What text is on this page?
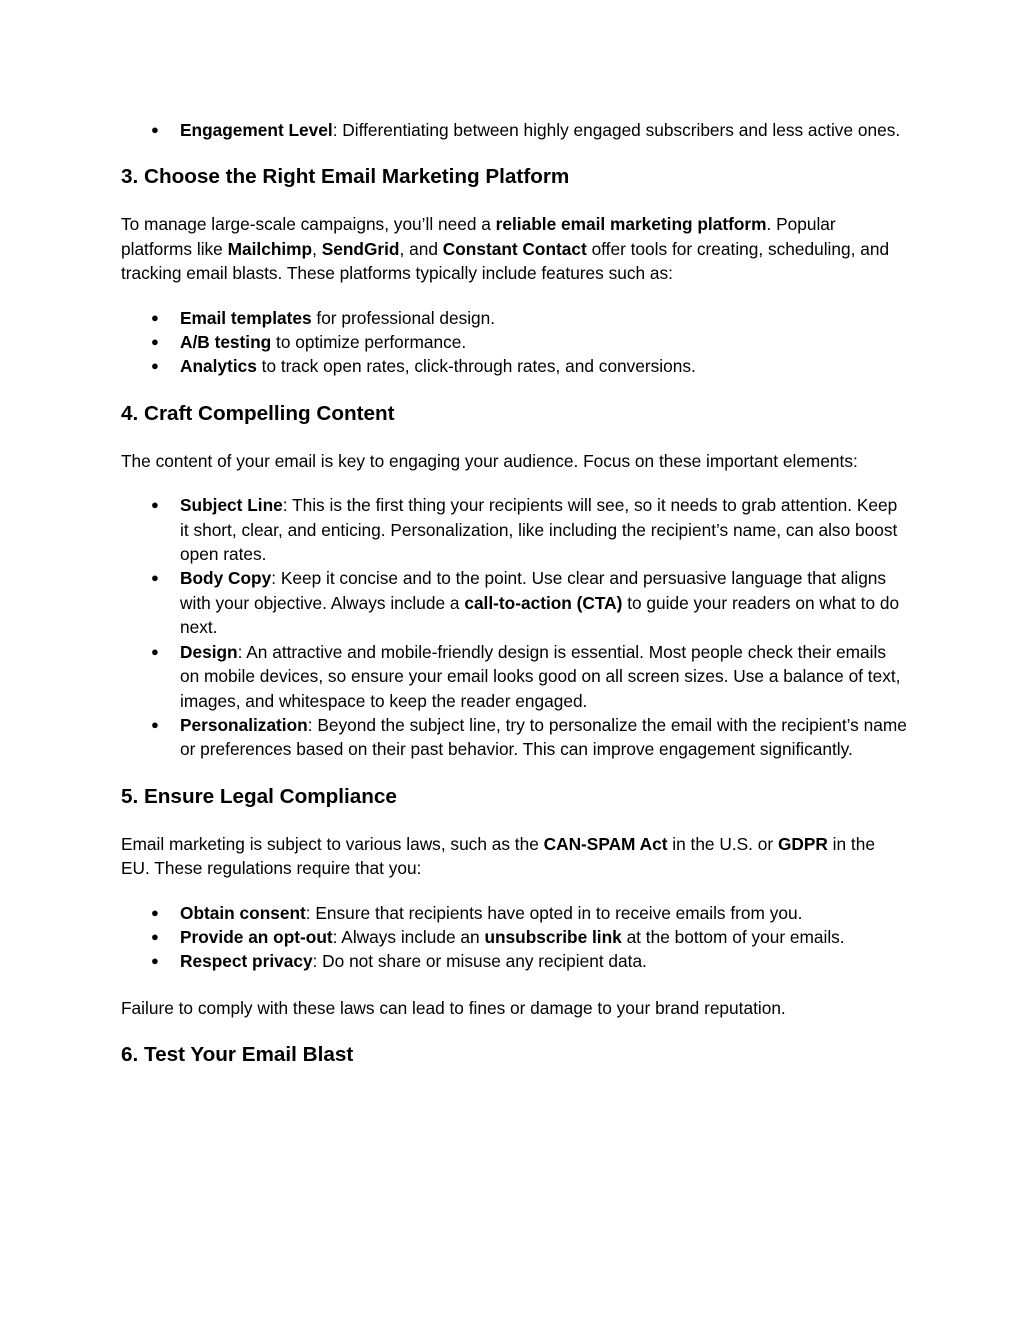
● Engagement Level: Differentiating between highly engaged subscribers and less active ones.
3. Choose the Right Email Marketing Platform

To manage large-scale campaigns, you’ll need a reliable email marketing platform. Popular platforms like Mailchimp, SendGrid, and Constant Contact offer tools for creating, scheduling, and tracking email blasts. These platforms typically include features such as:

● Email templates for professional design.
● A/B testing to optimize performance.
● Analytics to track open rates, click-through rates, and conversions.
4. Craft Compelling Content

The content of your email is key to engaging your audience. Focus on these important elements:

● Subject Line: This is the first thing your recipients will see, so it needs to grab attention. Keep it short, clear, and enticing. Personalization, like including the recipient’s name, can also boost open rates.
● Body Copy: Keep it concise and to the point. Use clear and persuasive language that aligns with your objective. Always include a call-to-action (CTA) to guide your readers on what to do next.
● Design: An attractive and mobile-friendly design is essential. Most people check their emails on mobile devices, so ensure your email looks good on all screen sizes. Use a balance of text, images, and whitespace to keep the reader engaged.
● Personalization: Beyond the subject line, try to personalize the email with the recipient’s name or preferences based on their past behavior. This can improve engagement significantly.
5. Ensure Legal Compliance

Email marketing is subject to various laws, such as the CAN-SPAM Act in the U.S. or GDPR in the EU. These regulations require that you:

● Obtain consent: Ensure that recipients have opted in to receive emails from you.
● Provide an opt-out: Always include an unsubscribe link at the bottom of your emails.
● Respect privacy: Do not share or misuse any recipient data.

Failure to comply with these laws can lead to fines or damage to your brand reputation.

6. Test Your Email Blast
